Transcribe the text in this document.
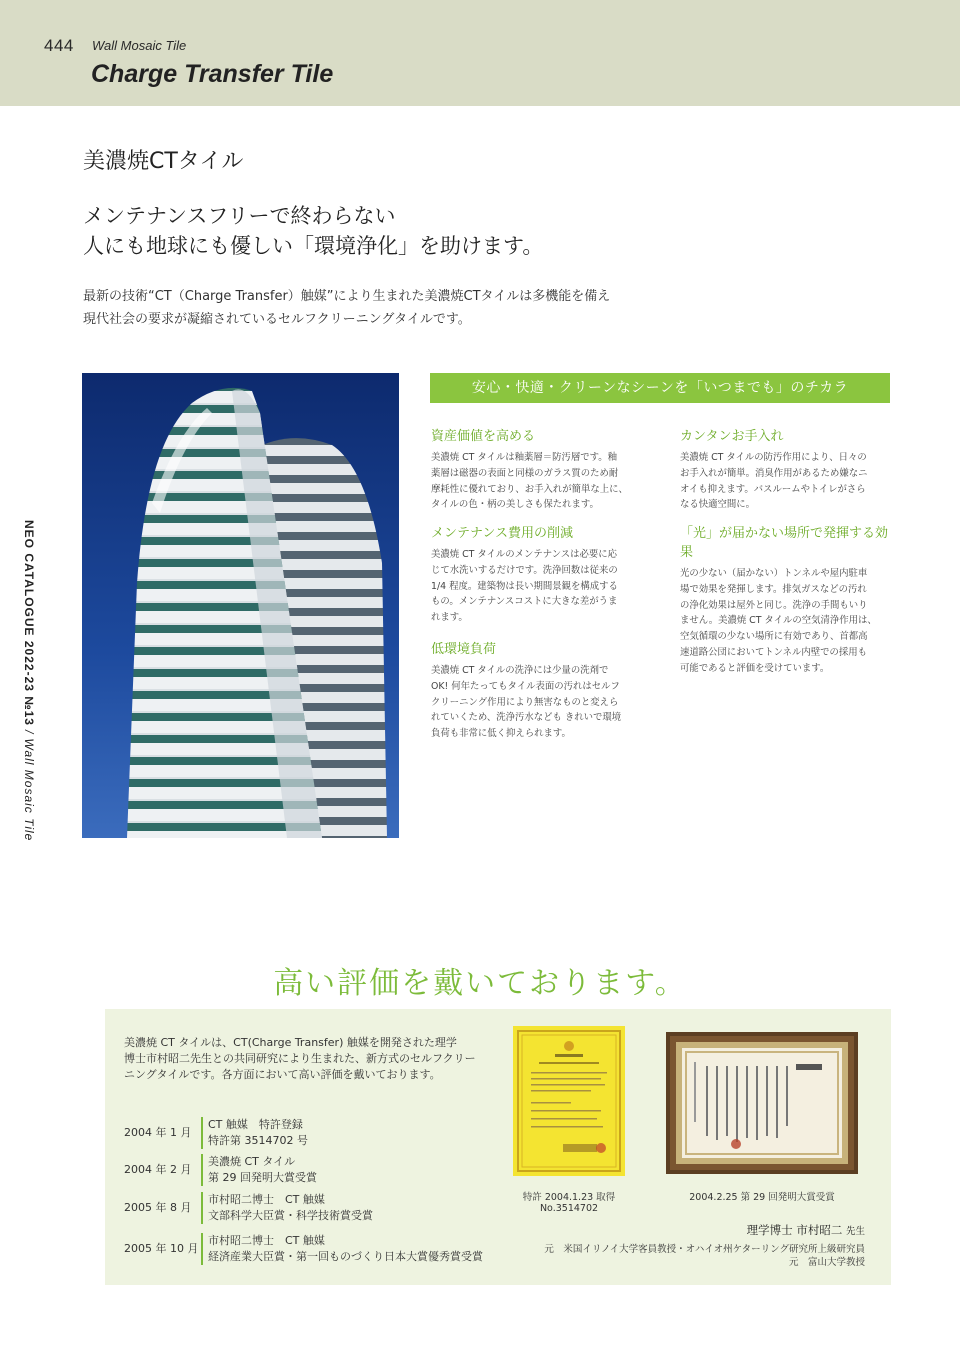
444 Wall Mosaic Tile
Charge Transfer Tile
NEO CATALOGUE 2022-23 №13/Wall Mosaic Tile
美濃焼CTタイル
メンテナンスフリーで終わらない
人にも地球にも優しい「環境浄化」を助けます。
最新の技術“CT（Charge Transfer）触媒”により生まれた美濃焼CTタイルは多機能を備え
現代社会の要求が凝縮されているセルフクリーニングタイルです。
安心・快適・クリーンなシーンを「いつまでも」のチカラ
資産価値を高める

美濃焼 CT タイルは釉薬層＝防汚層です。釉
薬層は磁器の表面と同様のガラス質のため耐
摩耗性に優れており、お手入れが簡単な上に、
タイルの色・柄の美しさも保たれます。

メンテナンス費用の削減

美濃焼 CT タイルのメンテナンスは必要に応
じて水洗いするだけです。洗浄回数は従来の
1/4 程度。建築物は長い期間景観を構成する
もの。メンテナンスコストに大きな差がうま
れます。

低環境負荷

美濃焼 CT タイルの洗浄には少量の洗剤で
OK! 何年たってもタイル表面の汚れはセルフ
クリーニング作用により無害なものと変えら
れていくため、洗浄汚水なども きれいで環境
負荷も非常に低く抑えられます。

カンタンお手入れ

美濃焼 CT タイルの防汚作用により、日々の
お手入れが簡単。消臭作用があるため嫌なニ
オイも抑えます。バスルームやトイレがさら
なる快適空間に。

「光」が届かない場所で発揮する効果

光の少ない（届かない）トンネルや屋内駐車
場で効果を発揮します。排気ガスなどの汚れ
の浄化効果は屋外と同じ。洗浄の手間もいり
ません。美濃焼 CT タイルの空気清浄作用は、
空気循環の少ない場所に有効であり、首都高
速道路公団においてトンネル内壁での採用も
可能であると評価を受けています。

高い評価を戴いております。
美濃焼 CT タイルは、CT(Charge Transfer) 触媒を開発された理学
博士市村昭二先生との共同研究により生まれた、新方式のセルフクリー
ニングタイルです。各方面において高い評価を戴いております。
2004 年 1 月
CT 触媒　特許登録
特許第 3514702 号
2004 年 2 月
美濃焼 CT タイル
第 29 回発明大賞受賞
2005 年 8 月
市村昭二博士　CT 触媒
文部科学大臣賞・科学技術賞受賞
2005 年 10 月
市村昭二博士　CT 触媒
経済産業大臣賞・第一回ものづくり日本大賞優秀賞受賞
特許 2004.1.23 取得 No.3514702
2004.2.25 第 29 回発明大賞受賞
理学博士 市村昭二 先生
元　米国イリノイ大学客員教授・オハイオ州ケターリング研究所上級研究員
元　富山大学教授
